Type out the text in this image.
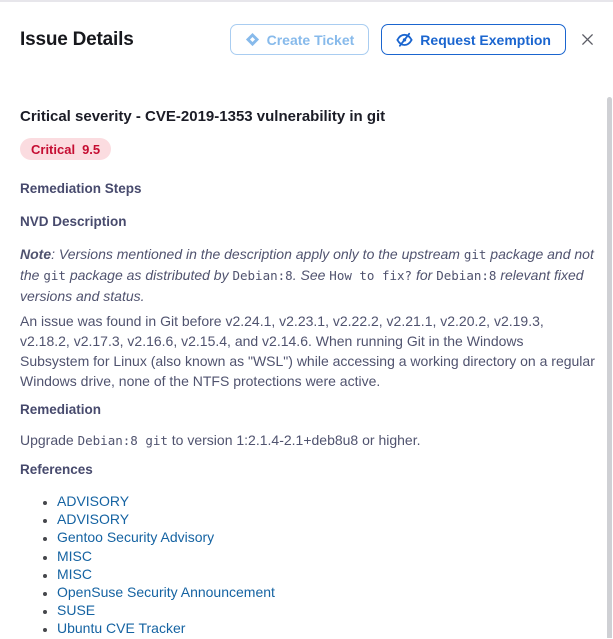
Issue Details	Create Ticket	Request Exemption
Critical severity - CVE-2019-1353 vulnerability in git
Critical 9.5
Remediation Steps
NVD Description

Note: Versions mentioned in the description apply only to the upstream git package and not the git package as distributed by Debian:8. See How to fix? for Debian:8 relevant fixed versions and status.

An issue was found in Git before v2.24.1, v2.23.1, v2.22.2, v2.21.1, v2.20.2, v2.19.3, v2.18.2, v2.17.3, v2.16.6, v2.15.4, and v2.14.6. When running Git in the Windows Subsystem for Linux (also known as "WSL") while accessing a working directory on a regular Windows drive, none of the NTFS protections were active.

Remediation

Upgrade Debian:8 git to version 1:2.1.4-2.1+deb8u8 or higher.

References
• ADVISORY
• ADVISORY
• Gentoo Security Advisory
• MISC
• MISC
• OpenSuse Security Announcement
• SUSE
• Ubuntu CVE Tracker
